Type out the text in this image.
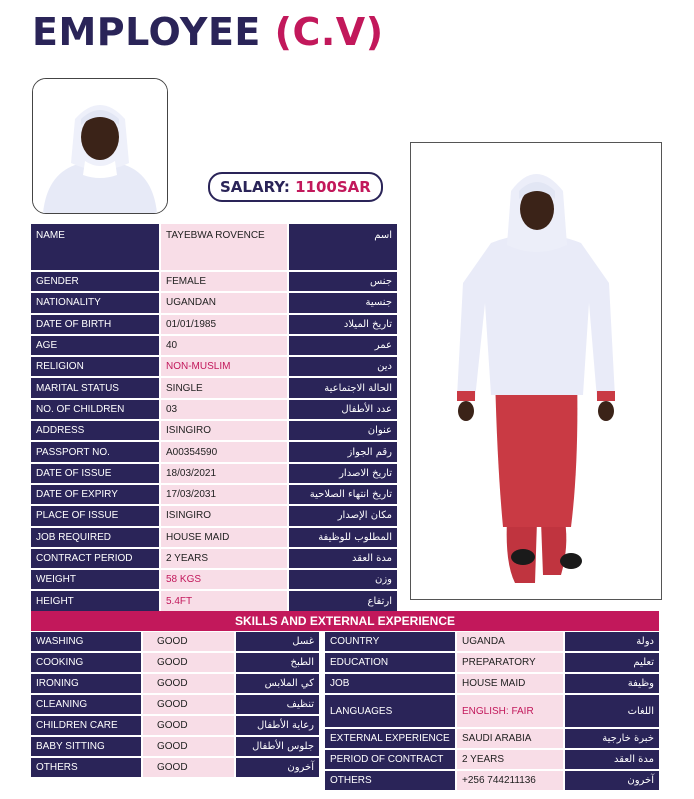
EMPLOYEE (C.V)
SALARY: 1100SAR
NAME	TAYEBWA ROVENCE	اسم
GENDER	FEMALE	جنس
NATIONALITY	UGANDAN	جنسية
DATE OF BIRTH	01/01/1985	تاريخ الميلاد
AGE	40	عمر
RELIGION	NON-MUSLIM	دين
MARITAL STATUS	SINGLE	الحالة الاجتماعية
NO. OF CHILDREN	03	عدد الأطفال
ADDRESS	ISINGIRO	عنوان
PASSPORT NO.	A00354590	رقم الجواز
DATE OF ISSUE	18/03/2021	تاريخ الاصدار
DATE OF EXPIRY	17/03/2031	تاريخ انتهاء الصلاحية
PLACE OF ISSUE	ISINGIRO	مكان الإصدار
JOB REQUIRED	HOUSE MAID	المطلوب للوظيفة
CONTRACT PERIOD	2 YEARS	مدة العقد
WEIGHT	58 KGS	وزن
HEIGHT	5.4FT	ارتفاع
SKILLS AND EXTERNAL EXPERIENCE
WASHING	GOOD	غسل
COOKING	GOOD	الطبخ
IRONING	GOOD	كي الملابس
CLEANING	GOOD	تنظيف
CHILDREN CARE	GOOD	رعاية الأطفال
BABY SITTING	GOOD	جلوس الأطفال
OTHERS	GOOD	آخرون
COUNTRY	UGANDA	دولة
EDUCATION	PREPARATORY	تعليم
JOB	HOUSE MAID	وظيفة
LANGUAGES	ENGLISH: FAIR	اللغات
EXTERNAL EXPERIENCE	SAUDI ARABIA	خبرة خارجية
PERIOD OF CONTRACT	2 YEARS	مدة العقد
OTHERS	+256 744211136	آخرون
